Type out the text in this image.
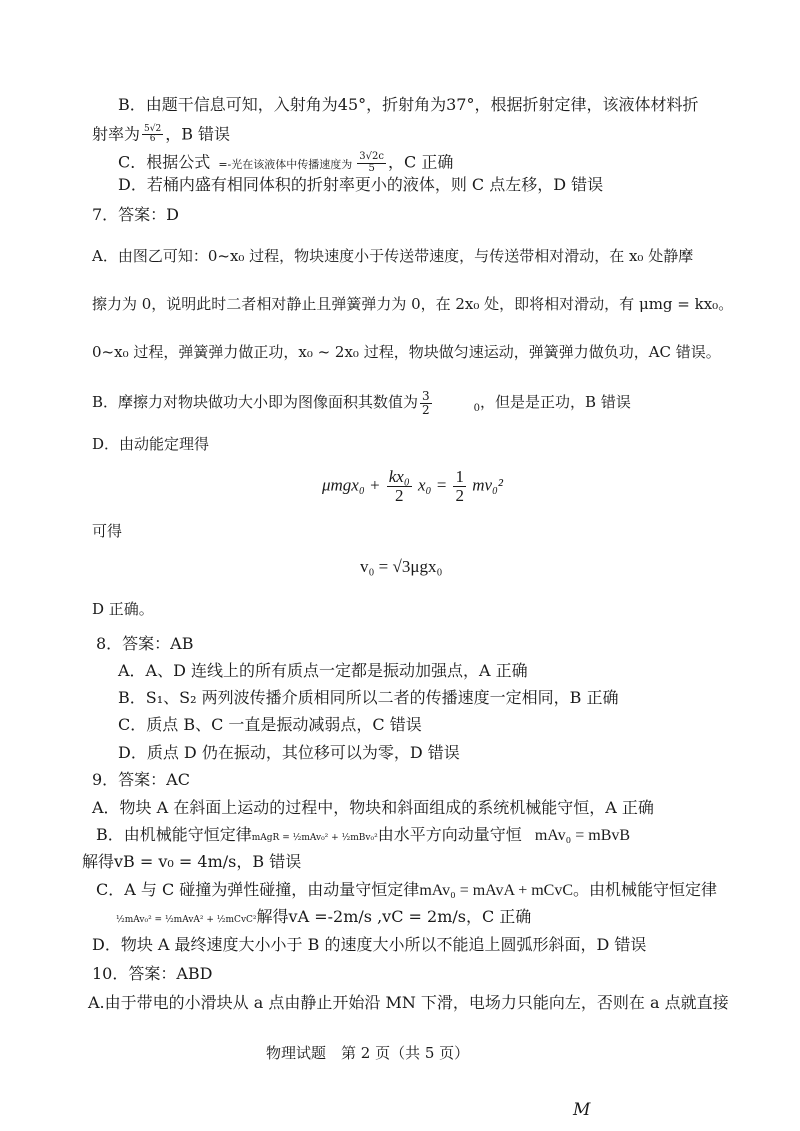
B．由题干信息可知，入射角为45°，折射角为37°，根据折射定律，该液体材料折
射率为 $\frac{5√2}{6}$ ，B 错误
C．根据公式 =-光在该液体中传播速度为 $\frac{3√2c}{5}$ ，C 正确
D．若桶内盛有相同体积的折射率更小的液体，则 C 点左移，D 错误
7．答案：D
A．由图乙可知：0~x₀ 过程，物块速度小于传送带速度，与传送带相对滑动，在 x₀ 处静摩
擦力为 0，说明此时二者相对静止且弹簧弹力为 0，在 2x₀ 处，即将相对滑动，有 μmg = kx₀。
0~x₀ 过程，弹簧弹力做正功，x₀ ~ 2x₀ 过程，物块做匀速运动，弹簧弹力做负功，AC 错误。
B．摩擦力对物块做功大小即为图像面积其数值为 $\frac{3}{2}$	$_0$，但是是正功，B 错误
D．由动能定理得
$\mu mgx_0 + \frac{\text{kx₀}}{2} x_0 = \frac{1}{2} mv_0^2$
可得
v₀ = √3μgx₀
D 正确。
8．答案：AB
A．A、D 连线上的所有质点一定都是振动加强点，A 正确
B．S₁、S₂ 两列波传播介质相同所以二者的传播速度一定相同，B 正确
C．质点 B、C 一直是振动减弱点，C 错误
D．质点 D 仍在振动，其位移可以为零，D 错误
9．答案：AC
A．物块 A 在斜面上运动的过程中，物块和斜面组成的系统机械能守恒，A 正确
B．由机械能守恒定律mAgR = ½mAv₀² + ½mBv₀²由水平方向动量守恒 mAv₀ = mBvB
解得vB = v₀ = 4m/s，B 错误
C．A 与 C 碰撞为弹性碰撞，由动量守恒定律mAv₀ = mAvA + mCvC。由机械能守恒定律
½mAv₀² = ½mAvA² + ½mCvC²解得vA =-2m/s ,vC = 2m/s，C 正确
D．物块 A 最终速度大小小于 B 的速度大小所以不能追上圆弧形斜面，D 错误
10．答案：ABD
A.由于带电的小滑块从 a 点由静止开始沿 MN 下滑，电场力只能向左，否则在 a 点就直接
物理试题　第 2 页（共 5 页）
M
